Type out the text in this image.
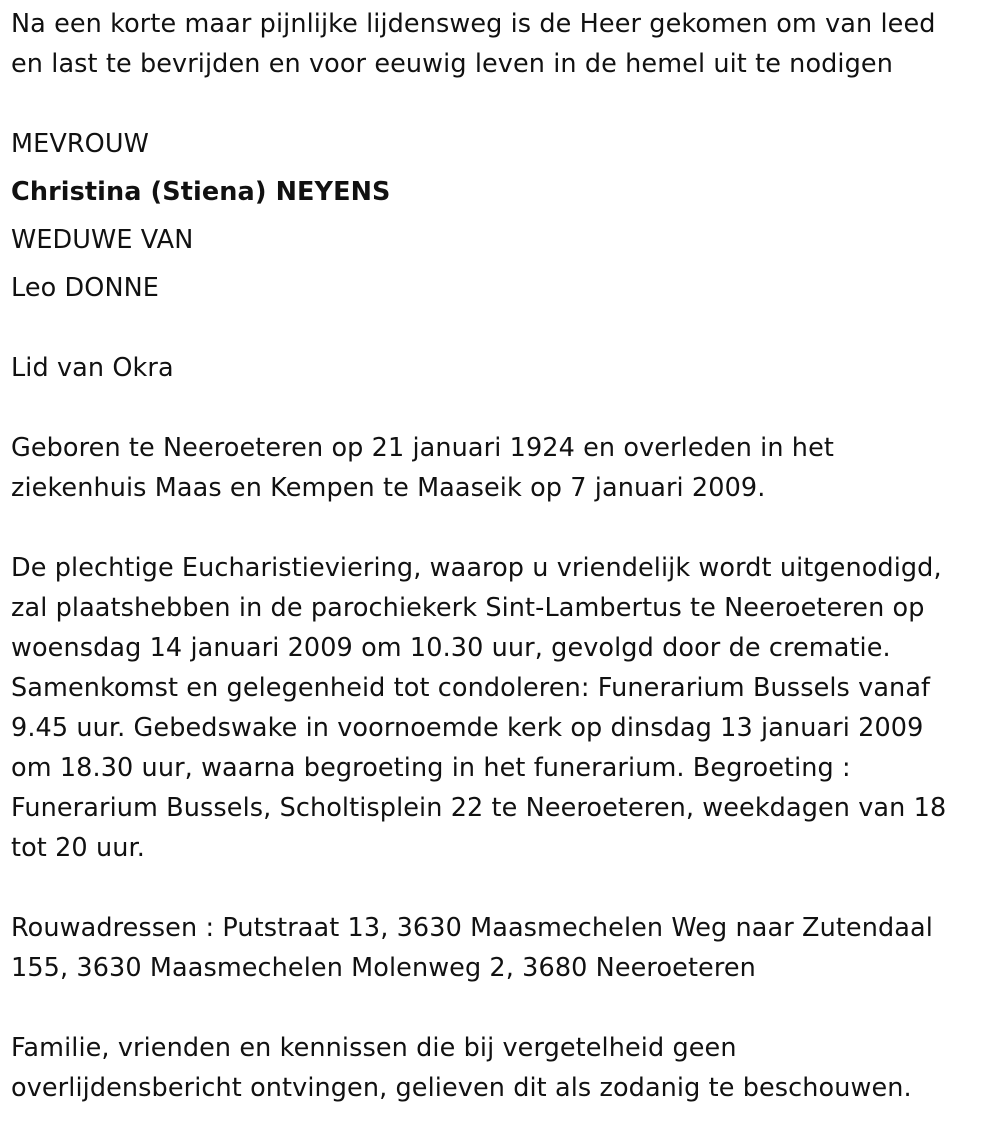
Na een korte maar pijnlijke lijdensweg is de Heer gekomen om van leed
en last te bevrijden en voor eeuwig leven in de hemel uit te nodigen

MEVROUW
Christina (Stiena) NEYENS
WEDUWE VAN
Leo DONNE

Lid van Okra

Geboren te Neeroeteren op 21 januari 1924 en overleden in het
ziekenhuis Maas en Kempen te Maaseik op 7 januari 2009.

De plechtige Eucharistieviering, waarop u vriendelijk wordt uitgenodigd,
zal plaatshebben in de parochiekerk Sint-Lambertus te Neeroeteren op
woensdag 14 januari 2009 om 10.30 uur, gevolgd door de crematie.
Samenkomst en gelegenheid tot condoleren: Funerarium Bussels vanaf
9.45 uur. Gebedswake in voornoemde kerk op dinsdag 13 januari 2009
om 18.30 uur, waarna begroeting in het funerarium. Begroeting :
Funerarium Bussels, Scholtisplein 22 te Neeroeteren, weekdagen van 18
tot 20 uur.

Rouwadressen : Putstraat 13, 3630 Maasmechelen Weg naar Zutendaal
155, 3630 Maasmechelen Molenweg 2, 3680 Neeroeteren

Familie, vrienden en kennissen die bij vergetelheid geen
overlijdensbericht ontvingen, gelieven dit als zodanig te beschouwen.
